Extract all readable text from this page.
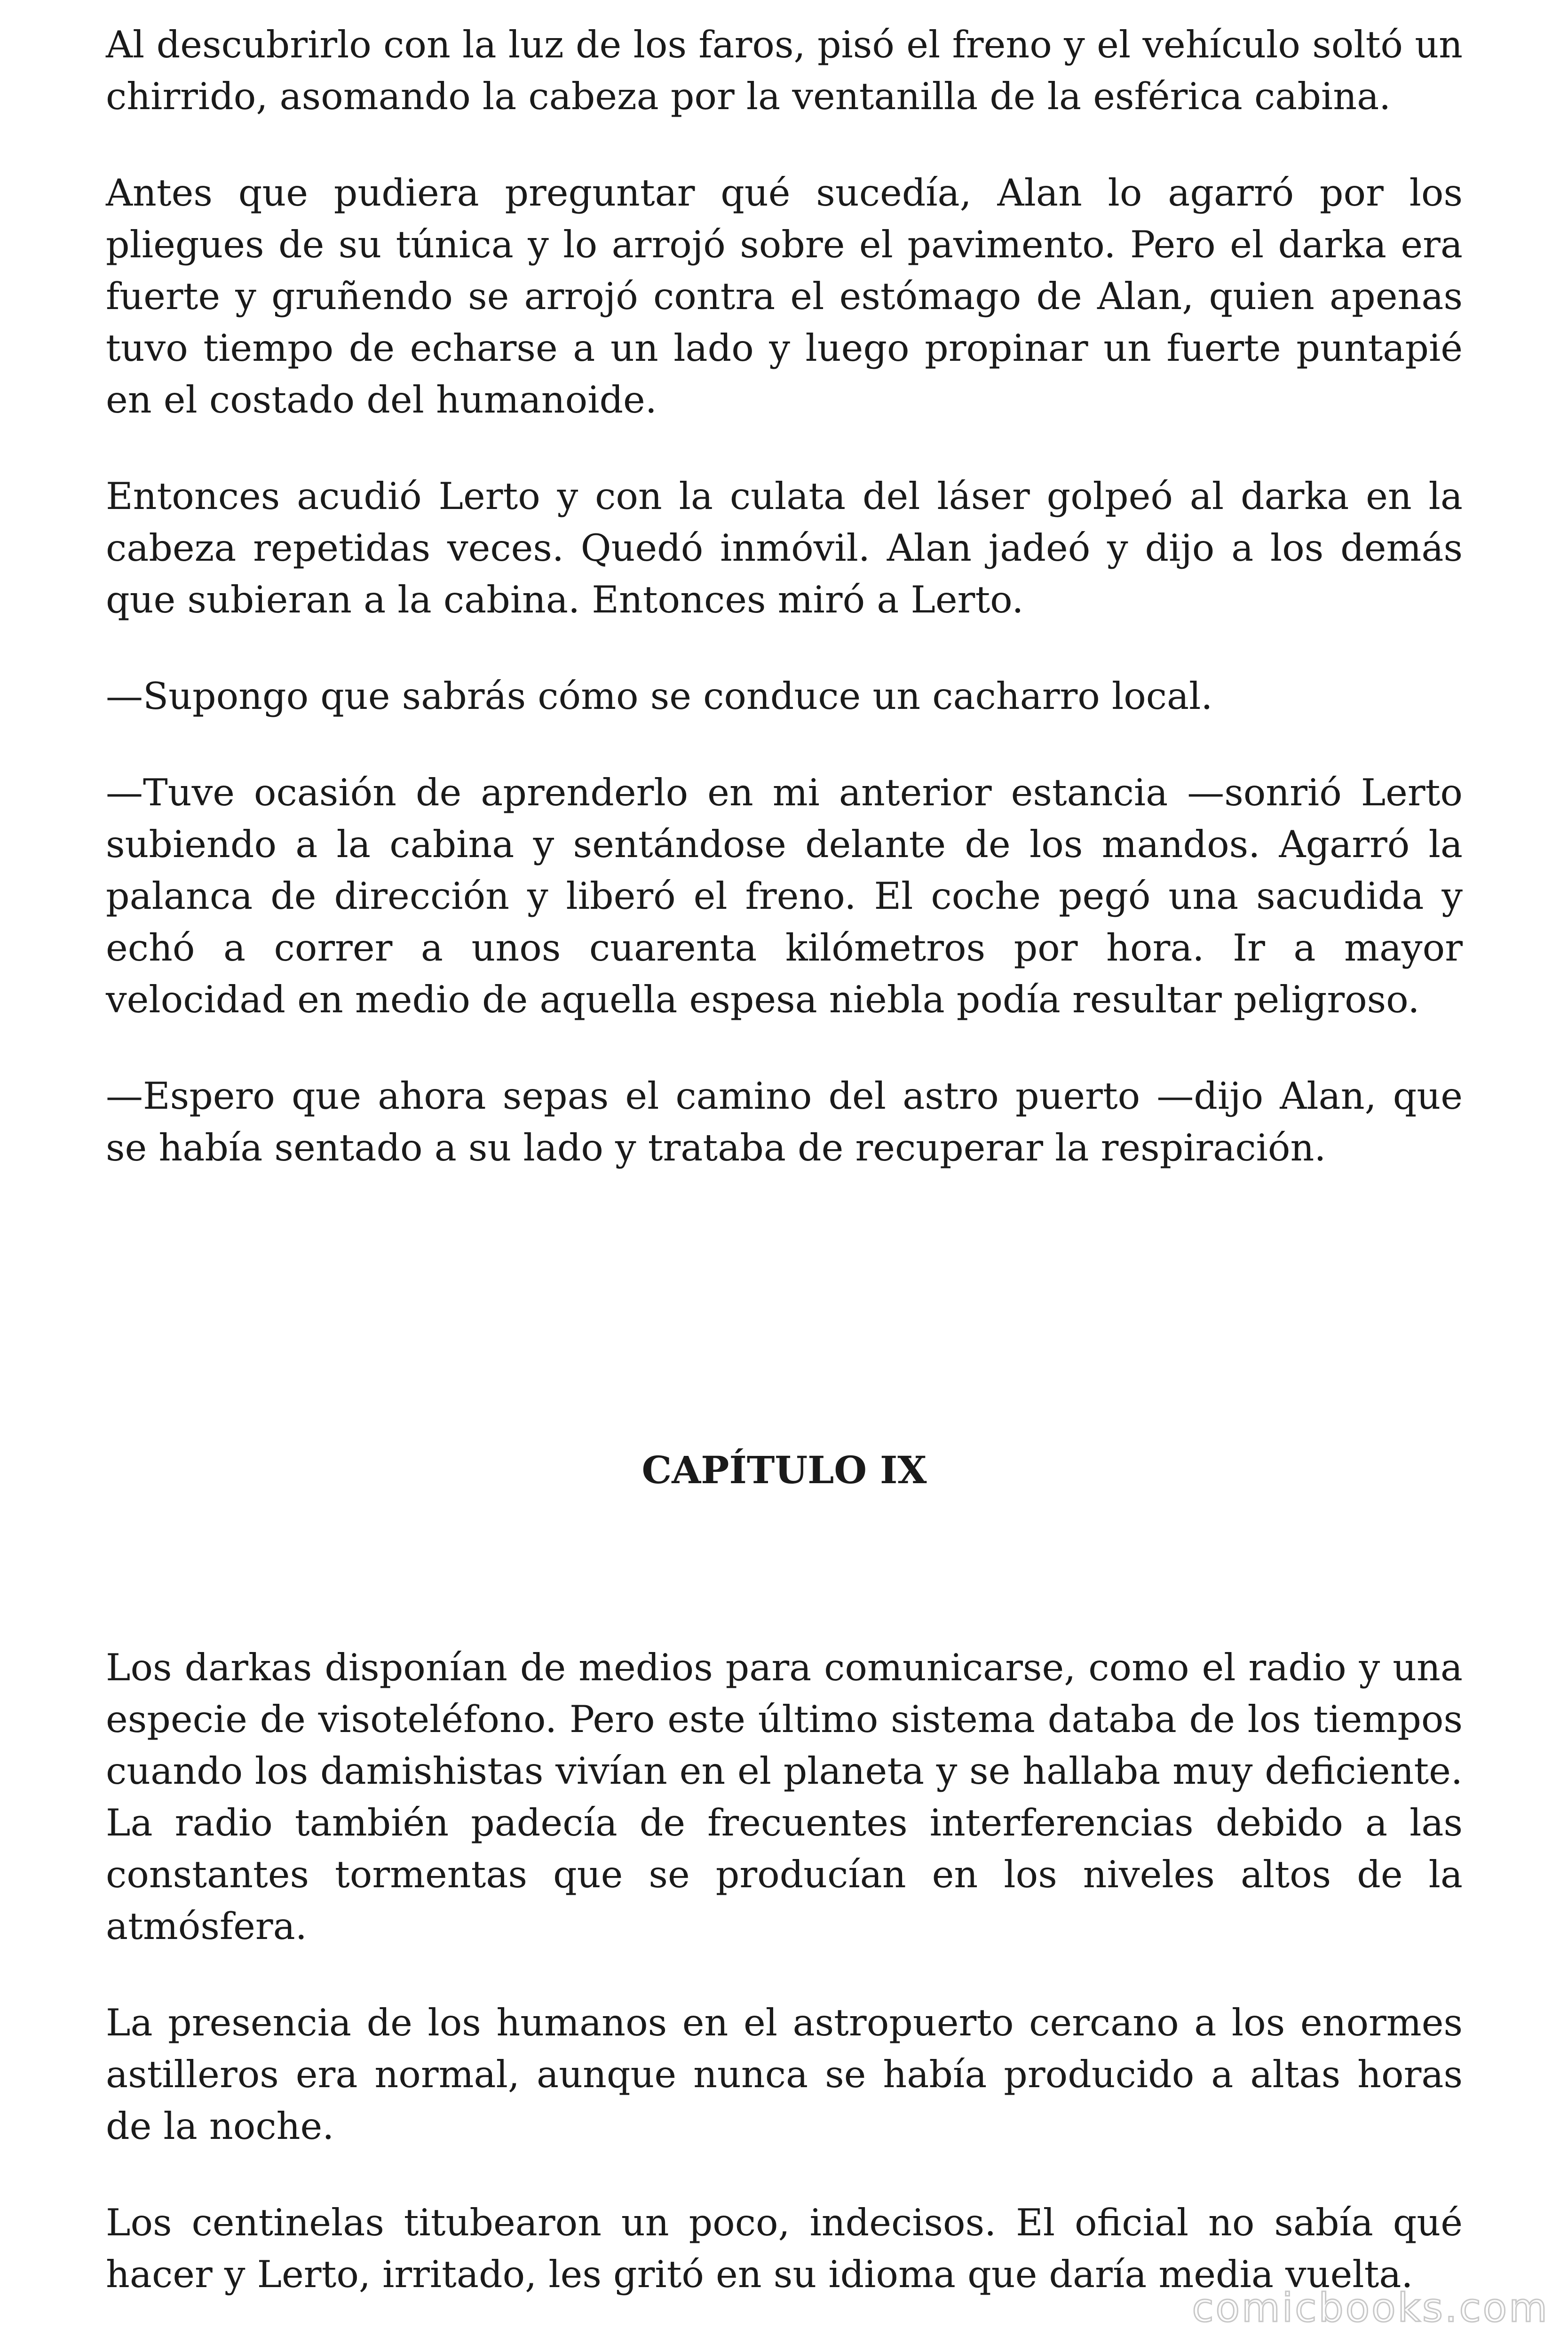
Al descubrirlo con la luz de los faros, pisó el freno y el vehículo soltó un chirrido, asomando la cabeza por la ventanilla de la esférica cabina.

Antes que pudiera preguntar qué sucedía, Alan lo agarró por los pliegues de su túnica y lo arrojó sobre el pavimento. Pero el darka era fuerte y gruñendo se arrojó contra el estómago de Alan, quien apenas tuvo tiempo de echarse a un lado y luego propinar un fuerte puntapié en el costado del humanoide.

Entonces acudió Lerto y con la culata del láser golpeó al darka en la cabeza repetidas veces. Quedó inmóvil. Alan jadeó y dijo a los demás que subieran a la cabina. Entonces miró a Lerto.

—Supongo que sabrás cómo se conduce un cacharro local.

—Tuve ocasión de aprenderlo en mi anterior estancia —sonrió Lerto subiendo a la cabina y sentándose delante de los mandos. Agarró la palanca de dirección y liberó el freno. El coche pegó una sacudida y echó a correr a unos cuarenta kilómetros por hora. Ir a mayor velocidad en medio de aquella espesa niebla podía resultar peligroso.

—Espero que ahora sepas el camino del astro puerto —dijo Alan, que se había sentado a su lado y trataba de recuperar la respiración.

CAPÍTULO IX

Los darkas disponían de medios para comunicarse, como el radio y una especie de visoteléfono. Pero este último sistema databa de los tiempos cuando los damishistas vivían en el planeta y se hallaba muy deficiente. La radio también padecía de frecuentes interferencias debido a las constantes tormentas que se producían en los niveles altos de la atmósfera.

La presencia de los humanos en el astropuerto cercano a los enormes astilleros era normal, aunque nunca se había producido a altas horas de la noche.

Los centinelas titubearon un poco, indecisos. El oficial no sabía qué hacer y Lerto, irritado, les gritó en su idioma que daría media vuelta.

comicbooks.com
